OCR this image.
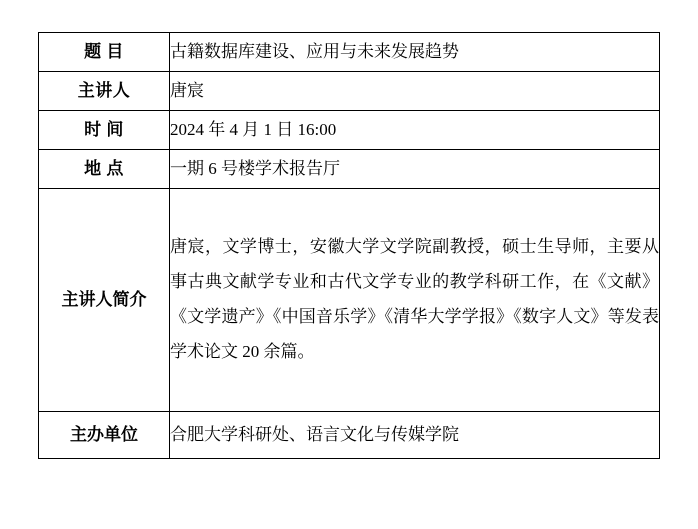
题 目	古籍数据库建设、应用与未来发展趋势
主讲人	唐宸
时 间	2024 年 4 月 1 日 16:00
地 点	一期 6 号楼学术报告厅
主讲人简介	唐宸，文学博士，安徽大学文学院副教授，硕士生导师，主要从事古典文献学专业和古代文学专业的教学科研工作，在《文献》《文学遗产》《中国音乐学》《清华大学学报》《数字人文》等发表学术论文 20 余篇。
主办单位	合肥大学科研处、语言文化与传媒学院
